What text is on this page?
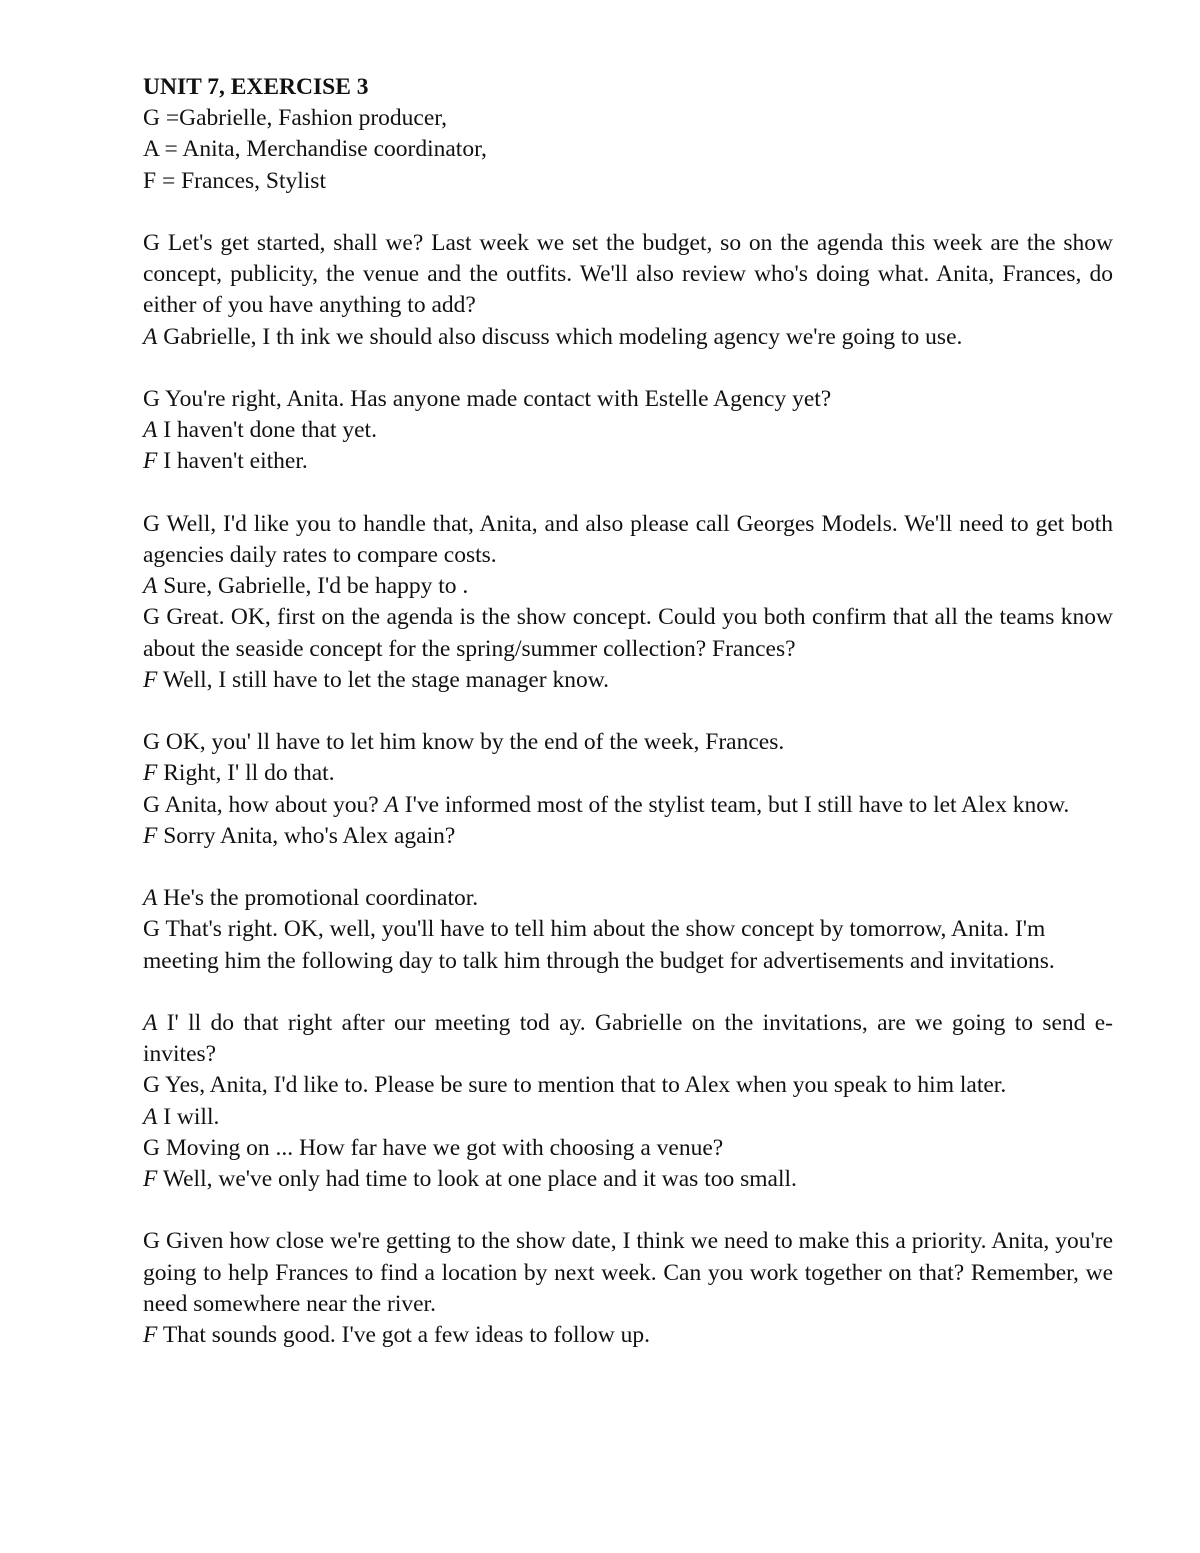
UNIT 7, EXERCISE 3

G =Gabrielle, Fashion producer,

A = Anita, Merchandise coordinator,

F = Frances, Stylist

G Let's get started, shall we? Last week we set the budget, so on the agenda this week are the show concept, publicity, the venue and the outfits. We'll also review who's doing what. Anita, Frances, do either of you have anything to add?

A Gabrielle, I th ink we should also discuss which modeling agency we're going to use.

G You're right, Anita. Has anyone made contact with Estelle Agency yet?

A I haven't done that yet.

F I haven't either.

G Well, I'd like you to handle that, Anita, and also please call Georges Models. We'll need to get both agencies daily rates to compare costs.

A Sure, Gabrielle, I'd be happy to .

G Great. OK, first on the agenda is the show concept. Could you both confirm that all the teams know about the seaside concept for the spring/summer collection? Frances?

F Well, I still have to let the stage manager know.

G OK, you' ll have to let him know by the end of the week, Frances.

F Right, I' ll do that.

G Anita, how about you? A I've informed most of the stylist team, but I still have to let Alex know.

F Sorry Anita, who's Alex again?

A He's the promotional coordinator.

G That's right. OK, well, you'll have to tell him about the show concept by tomorrow, Anita. I'm meeting him the following day to talk him through the budget for advertisements and invitations.

A I' ll do that right after our meeting tod ay. Gabrielle on the invitations, are we going to send e-invites?

G Yes, Anita, I'd like to. Please be sure to mention that to Alex when you speak to him later.

A I will.

G Moving on ... How far have we got with choosing a venue?

F Well, we've only had time to look at one place and it was too small.

G Given how close we're getting to the show date, I think we need to make this a priority. Anita, you're going to help Frances to find a location by next week. Can you work together on that? Remember, we need somewhere near the river.

F That sounds good. I've got a few ideas to follow up.
